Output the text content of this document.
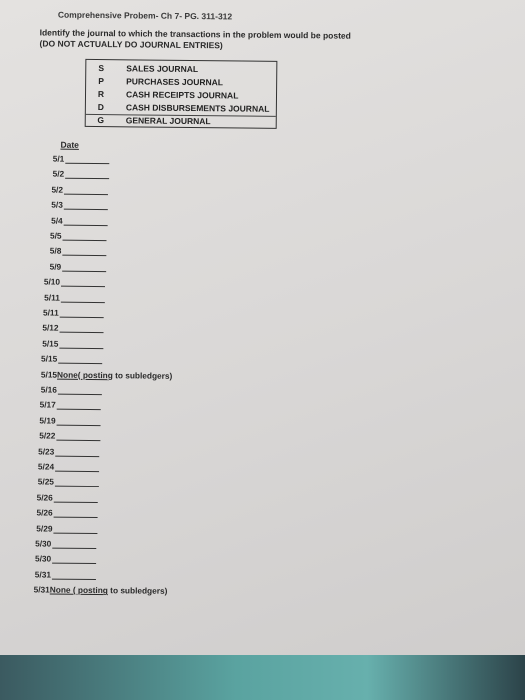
Comprehensive Probem- Ch 7- PG. 311-312
Identify the journal to which the transactions in the problem would be posted
(DO NOT ACTUALLY DO JOURNAL ENTRIES)
S	SALES JOURNAL
P	PURCHASES JOURNAL
R	CASH RECEIPTS JOURNAL
D	CASH DISBURSEMENTS JOURNAL
G	GENERAL JOURNAL
Date
5/1
5/2
5/2
5/3
5/4
5/5
5/8
5/9
5/10
5/11
5/11
5/12
5/15
5/15
5/15None( posting to subledgers)
5/16
5/17
5/19
5/22
5/23
5/24
5/25
5/26
5/26
5/29
5/30
5/30
5/31
5/31None ( posting to subledgers)
